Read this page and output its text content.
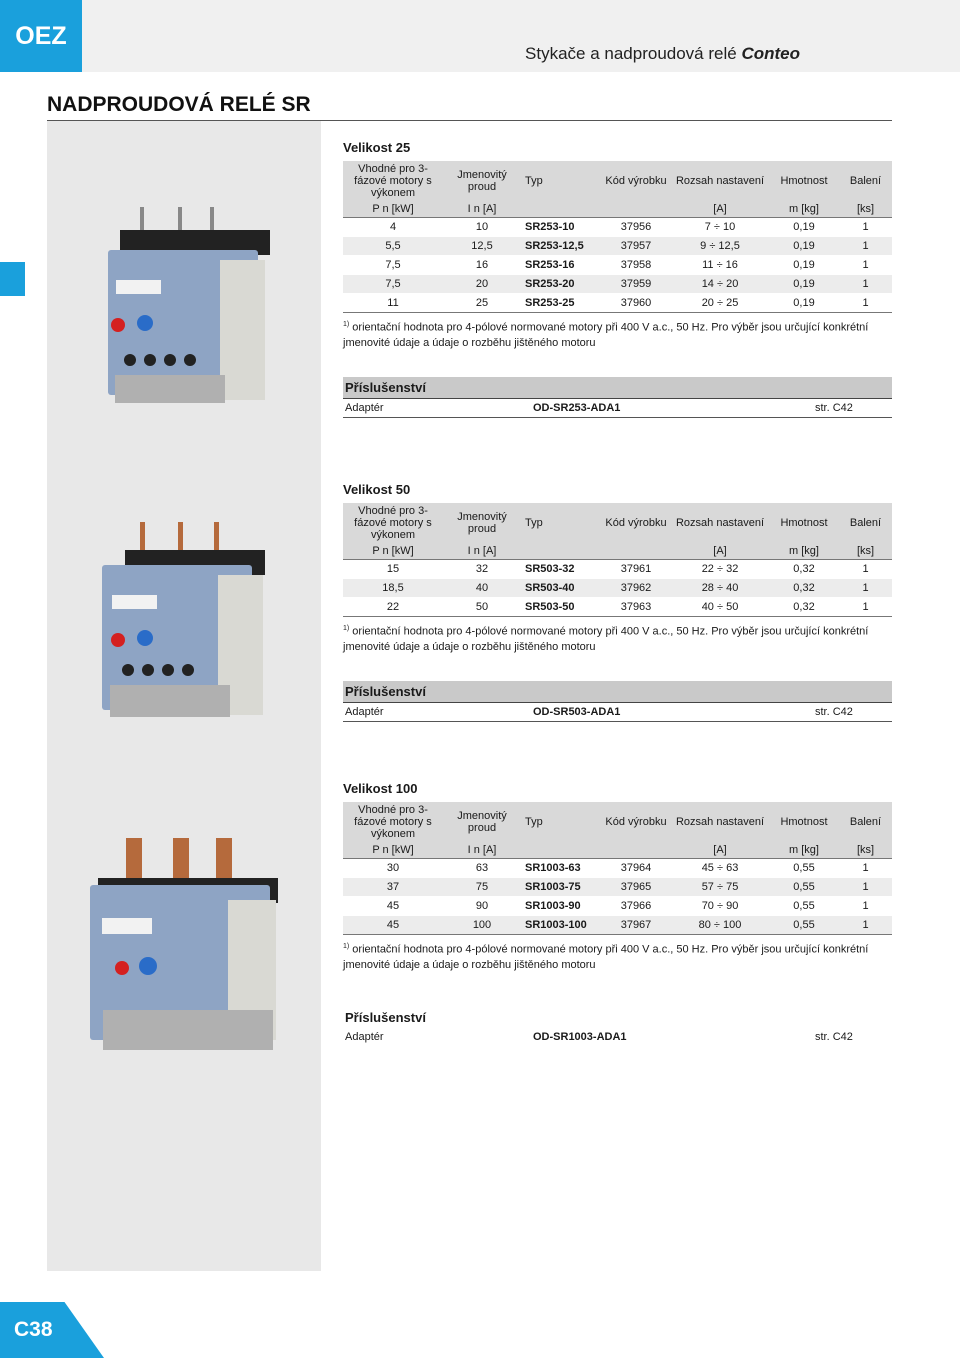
OEZ
Stykače a nadproudová relé Conteo
NADPROUDOVÁ RELÉ SR
Velikost 25
Vhodné pro 3-fázové motory s výkonem	Jmenovitý proud	Typ	Kód výrobku	Rozsah nastavení	Hmotnost	Balení
P n [kW]	I n [A]			[A]	m [kg]	[ks]
4	10	SR253-10	37956	7 ÷ 10	0,19	1
5,5	12,5	SR253-12,5	37957	9 ÷ 12,5	0,19	1
7,5	16	SR253-16	37958	11 ÷ 16	0,19	1
7,5	20	SR253-20	37959	14 ÷ 20	0,19	1
11	25	SR253-25	37960	20 ÷ 25	0,19	1
$^{1)}$ orientační hodnota pro 4-pólové normované motory při 400 V a.c., 50 Hz. Pro výběr jsou určující konkrétní jmenovité údaje a údaje o rozběhu jištěného motoru
Příslušenství
Adaptér	OD-SR253-ADA1	str. C42
Velikost 50
Vhodné pro 3-fázové motory s výkonem	Jmenovitý proud	Typ	Kód výrobku	Rozsah nastavení	Hmotnost	Balení
P n [kW]	I n [A]			[A]	m [kg]	[ks]
15	32	SR503-32	37961	22 ÷ 32	0,32	1
18,5	40	SR503-40	37962	28 ÷ 40	0,32	1
22	50	SR503-50	37963	40 ÷ 50	0,32	1
$^{1)}$ orientační hodnota pro 4-pólové normované motory při 400 V a.c., 50 Hz. Pro výběr jsou určující konkrétní jmenovité údaje a údaje o rozběhu jištěného motoru
Příslušenství
Adaptér	OD-SR503-ADA1	str. C42
Velikost 100
Vhodné pro 3-fázové motory s výkonem	Jmenovitý proud	Typ	Kód výrobku	Rozsah nastavení	Hmotnost	Balení
P n [kW]	I n [A]			[A]	m [kg]	[ks]
30	63	SR1003-63	37964	45 ÷ 63	0,55	1
37	75	SR1003-75	37965	57 ÷ 75	0,55	1
45	90	SR1003-90	37966	70 ÷ 90	0,55	1
45	100	SR1003-100	37967	80 ÷ 100	0,55	1
$^{1)}$ orientační hodnota pro 4-pólové normované motory při 400 V a.c., 50 Hz. Pro výběr jsou určující konkrétní jmenovité údaje a údaje o rozběhu jištěného motoru
Příslušenství
Adaptér	OD-SR1003-ADA1	str. C42
C38
